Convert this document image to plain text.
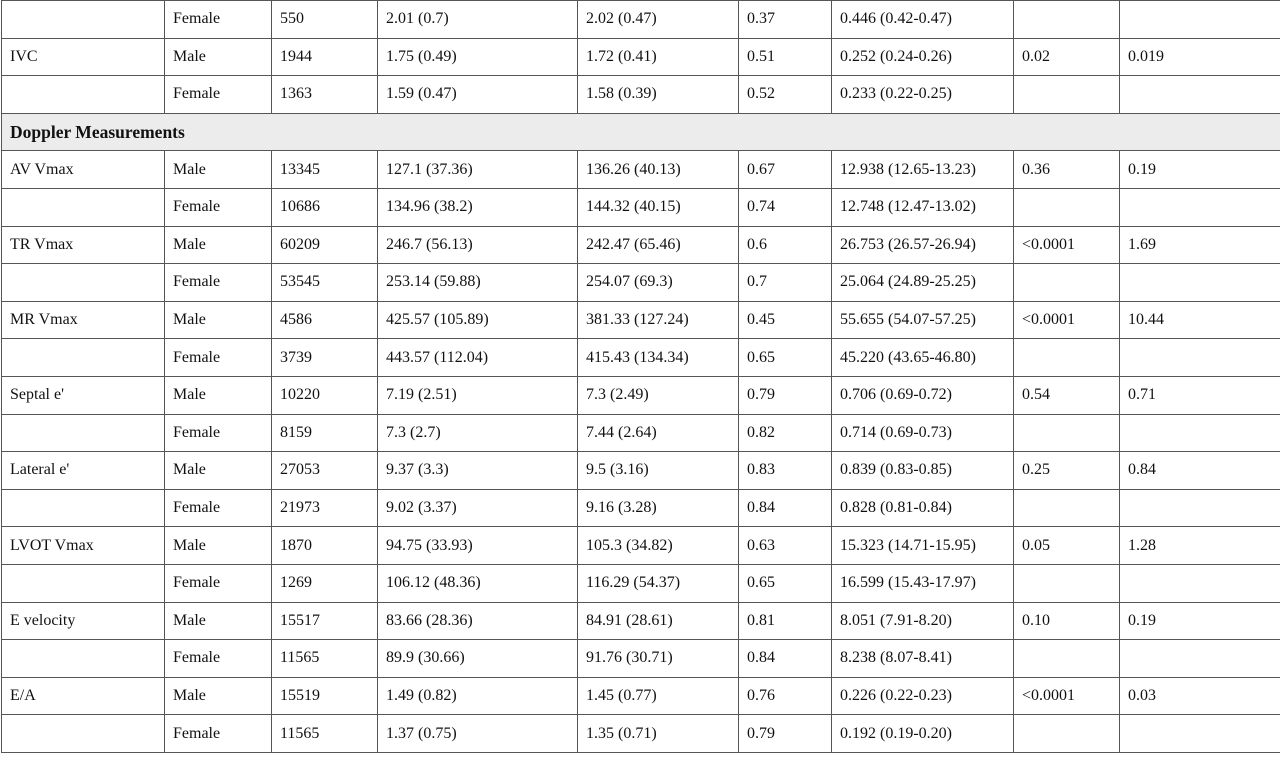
	Female	550	2.01 (0.7)	2.02 (0.47)	0.37	0.446 (0.42-0.47)		
IVC	Male	1944	1.75 (0.49)	1.72 (0.41)	0.51	0.252 (0.24-0.26)	0.02	0.019
	Female	1363	1.59 (0.47)	1.58 (0.39)	0.52	0.233 (0.22-0.25)		
Doppler Measurements								
AV Vmax	Male	13345	127.1 (37.36)	136.26 (40.13)	0.67	12.938 (12.65-13.23)	0.36	0.19
	Female	10686	134.96 (38.2)	144.32 (40.15)	0.74	12.748 (12.47-13.02)		
TR Vmax	Male	60209	246.7 (56.13)	242.47 (65.46)	0.6	26.753 (26.57-26.94)	<0.0001	1.69
	Female	53545	253.14 (59.88)	254.07 (69.3)	0.7	25.064 (24.89-25.25)		
MR Vmax	Male	4586	425.57 (105.89)	381.33 (127.24)	0.45	55.655 (54.07-57.25)	<0.0001	10.44
	Female	3739	443.57 (112.04)	415.43 (134.34)	0.65	45.220 (43.65-46.80)		
Septal e'	Male	10220	7.19 (2.51)	7.3 (2.49)	0.79	0.706 (0.69-0.72)	0.54	0.71
	Female	8159	7.3 (2.7)	7.44 (2.64)	0.82	0.714 (0.69-0.73)		
Lateral e'	Male	27053	9.37 (3.3)	9.5 (3.16)	0.83	0.839 (0.83-0.85)	0.25	0.84
	Female	21973	9.02 (3.37)	9.16 (3.28)	0.84	0.828 (0.81-0.84)		
LVOT Vmax	Male	1870	94.75 (33.93)	105.3 (34.82)	0.63	15.323 (14.71-15.95)	0.05	1.28
	Female	1269	106.12 (48.36)	116.29 (54.37)	0.65	16.599 (15.43-17.97)		
E velocity	Male	15517	83.66 (28.36)	84.91 (28.61)	0.81	8.051 (7.91-8.20)	0.10	0.19
	Female	11565	89.9 (30.66)	91.76 (30.71)	0.84	8.238 (8.07-8.41)		
E/A	Male	15519	1.49 (0.82)	1.45 (0.77)	0.76	0.226 (0.22-0.23)	<0.0001	0.03
	Female	11565	1.37 (0.75)	1.35 (0.71)	0.79	0.192 (0.19-0.20)		
